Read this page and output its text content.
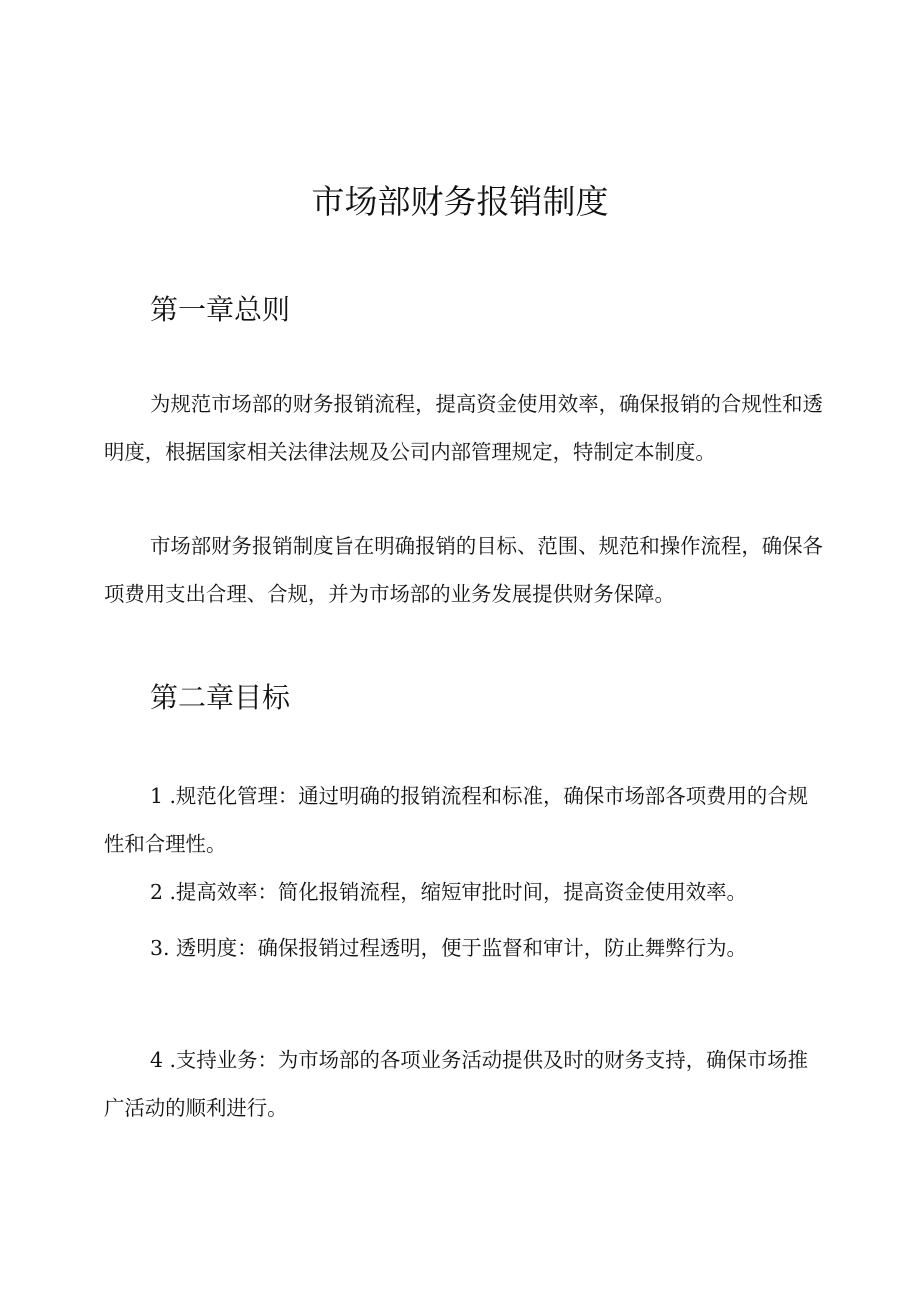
市场部财务报销制度
第一章总则

为规范市场部的财务报销流程，提高资金使用效率，确保报销的合规性和透明度，根据国家相关法律法规及公司内部管理规定，特制定本制度。

市场部财务报销制度旨在明确报销的目标、范围、规范和操作流程，确保各项费用支出合理、合规，并为市场部的业务发展提供财务保障。

第二章目标

1 .规范化管理：通过明确的报销流程和标准，确保市场部各项费用的合规性和合理性。

2 .提高效率：简化报销流程，缩短审批时间，提高资金使用效率。

3. 透明度：确保报销过程透明，便于监督和审计，防止舞弊行为。

4 .支持业务：为市场部的各项业务活动提供及时的财务支持，确保市场推广活动的顺利进行。
